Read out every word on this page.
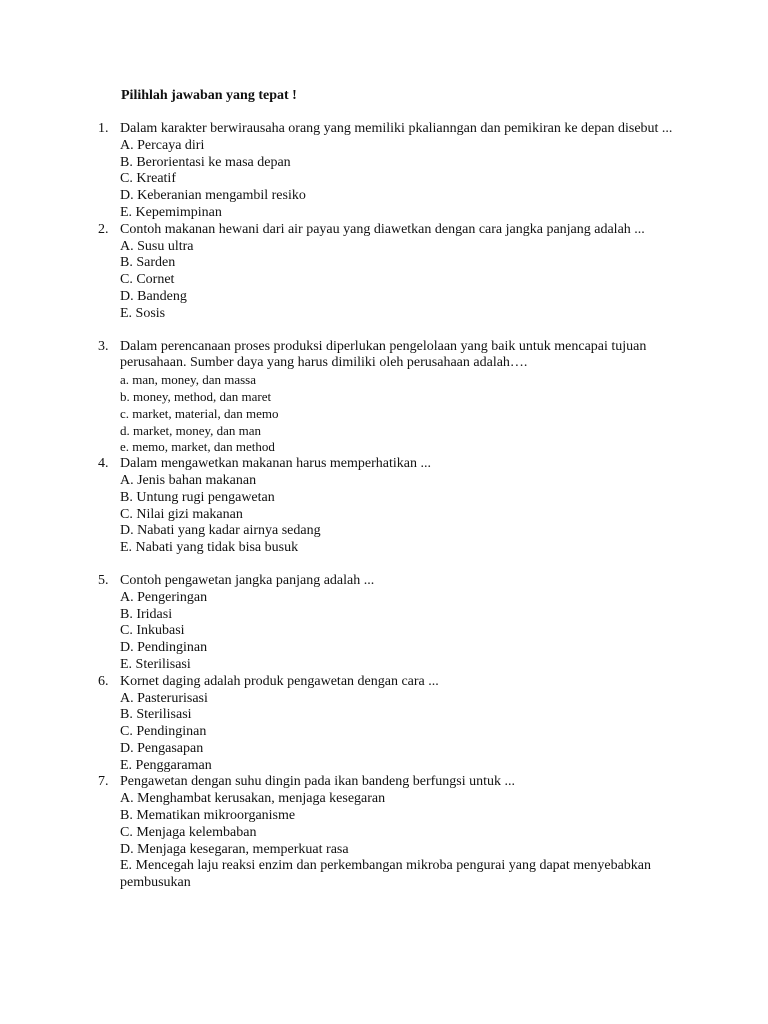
Pilihlah jawaban yang tepat !
1. Dalam karakter berwirausaha orang yang memiliki pkalianngan dan pemikiran ke depan disebut ...
A. Percaya diri
B. Berorientasi ke masa depan
C. Kreatif
D. Keberanian mengambil resiko
E. Kepemimpinan
2. Contoh makanan hewani dari air payau yang diawetkan dengan cara jangka panjang adalah ...
A. Susu ultra
B. Sarden
C. Cornet
D. Bandeng
E. Sosis
3. Dalam perencanaan proses produksi diperlukan pengelolaan yang baik untuk mencapai tujuan perusahaan. Sumber daya yang harus dimiliki oleh perusahaan adalah….
a. man, money, dan massa
b. money, method, dan maret
c. market, material, dan memo
d. market, money, dan man
e. memo, market, dan method
4. Dalam mengawetkan makanan harus memperhatikan ...
A. Jenis bahan makanan
B. Untung rugi pengawetan
C. Nilai gizi makanan
D. Nabati yang kadar airnya sedang
E. Nabati yang tidak bisa busuk
5. Contoh pengawetan jangka panjang adalah ...
A. Pengeringan
B. Iridasi
C. Inkubasi
D. Pendinginan
E. Sterilisasi
6. Kornet daging adalah produk pengawetan dengan cara ...
A. Pasterurisasi
B. Sterilisasi
C. Pendinginan
D. Pengasapan
E. Penggaraman
7. Pengawetan dengan suhu dingin pada ikan bandeng berfungsi untuk ...
A. Menghambat kerusakan, menjaga kesegaran
B. Mematikan mikroorganisme
C. Menjaga kelembaban
D. Menjaga kesegaran, memperkuat rasa
E. Mencegah laju reaksi enzim dan perkembangan mikroba pengurai yang dapat menyebabkan pembusukan
